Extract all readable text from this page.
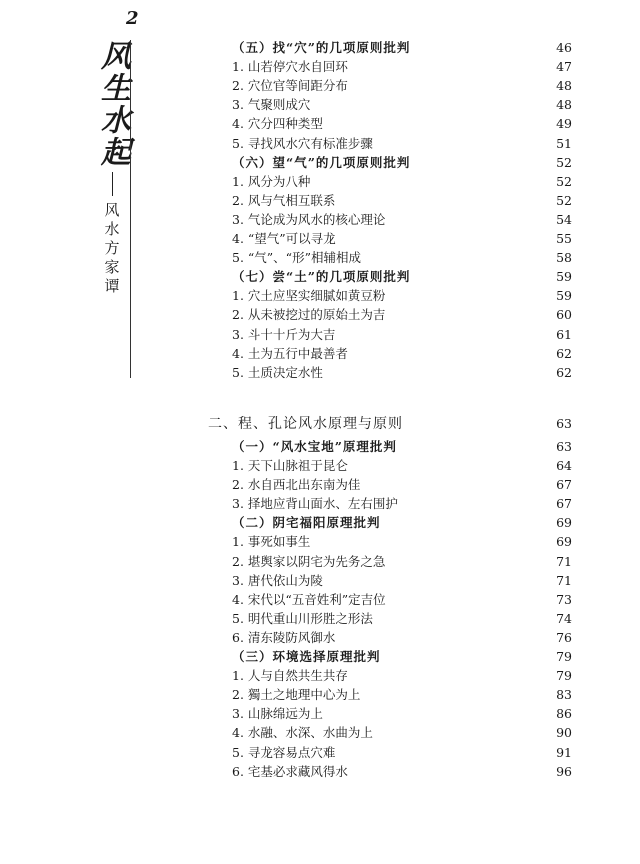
2
风生水起
风水方家谭
（五）找“穴”的几项原则批判	46
1. 山若停穴水自回环	47
2. 穴位官等间距分布	48
3. 气聚则成穴	48
4. 穴分四种类型	49
5. 寻找风水穴有标准步骤	51
（六）望“气”的几项原则批判	52
1. 风分为八种	52
2. 风与气相互联系	52
3. 气论成为风水的核心理论	54
4. “望气”可以寻龙	55
5. “气”、“形”相辅相成	58
（七）尝“土”的几项原则批判	59
1. 穴土应坚实细腻如黄豆粉	59
2. 从未被挖过的原始土为吉	60
3. 斗十十斤为大吉	61
4. 土为五行中最善者	62
5. 土质决定水性	62
二、程、孔论风水原理与原则	63
（一）“风水宝地”原理批判	63
1. 天下山脉祖于昆仑	64
2. 水自西北出东南为佳	67
3. 择地应背山面水、左右围护	67
（二）阴宅福阳原理批判	69
1. 事死如事生	69
2. 堪舆家以阴宅为先务之急	71
3. 唐代依山为陵	71
4. 宋代以“五音姓利”定吉位	73
5. 明代重山川形胜之形法	74
6. 清东陵防风御水	76
（三）环境选择原理批判	79
1. 人与自然共生共存	79
2. 獨土之地理中心为上	83
3. 山脉绵远为上	86
4. 水融、水深、水曲为上	90
5. 寻龙容易点穴难	91
6. 宅基必求藏风得水	96
